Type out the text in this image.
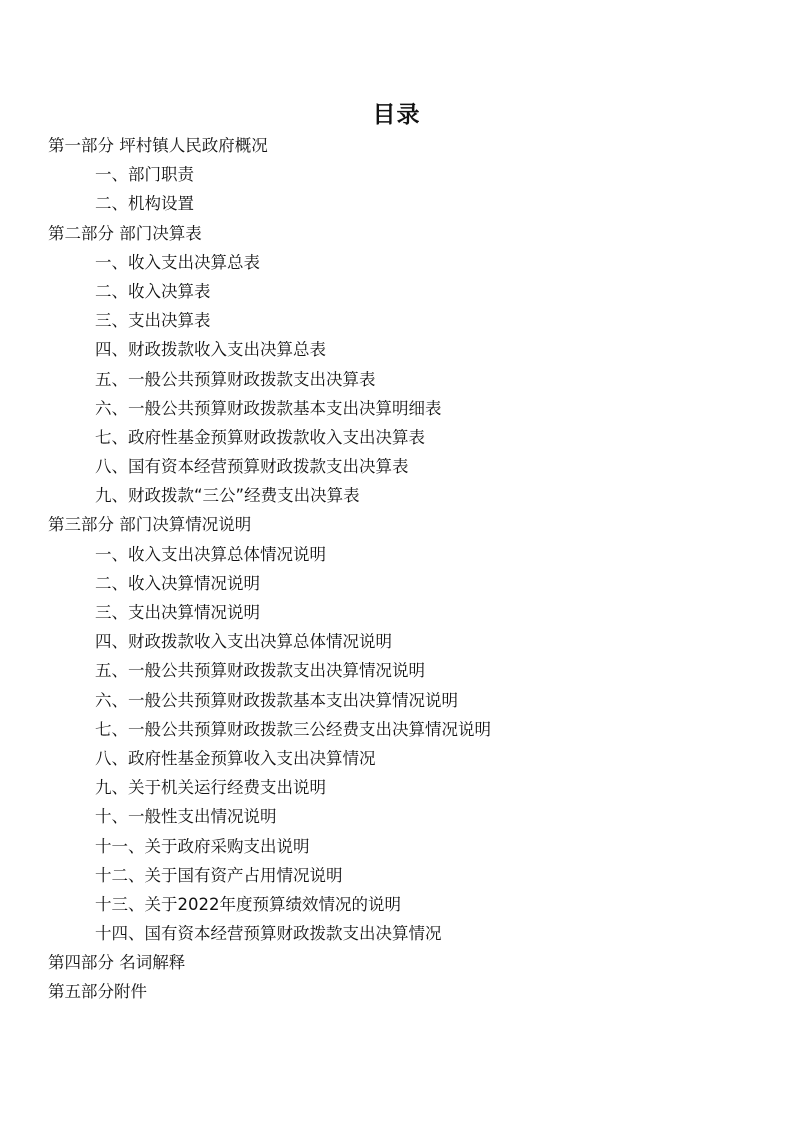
目录
第一部分 坪村镇人民政府概况
一、部门职责
二、机构设置
第二部分 部门决算表
一、收入支出决算总表
二、收入决算表
三、支出决算表
四、财政拨款收入支出决算总表
五、一般公共预算财政拨款支出决算表
六、一般公共预算财政拨款基本支出决算明细表
七、政府性基金预算财政拨款收入支出决算表
八、国有资本经营预算财政拨款支出决算表
九、财政拨款“三公”经费支出决算表
第三部分 部门决算情况说明
一、收入支出决算总体情况说明
二、收入决算情况说明
三、支出决算情况说明
四、财政拨款收入支出决算总体情况说明
五、一般公共预算财政拨款支出决算情况说明
六、一般公共预算财政拨款基本支出决算情况说明
七、一般公共预算财政拨款三公经费支出决算情况说明
八、政府性基金预算收入支出决算情况
九、关于机关运行经费支出说明
十、一般性支出情况说明
十一、关于政府采购支出说明
十二、关于国有资产占用情况说明
十三、关于2022年度预算绩效情况的说明
十四、国有资本经营预算财政拨款支出决算情况
第四部分 名词解释
第五部分附件
